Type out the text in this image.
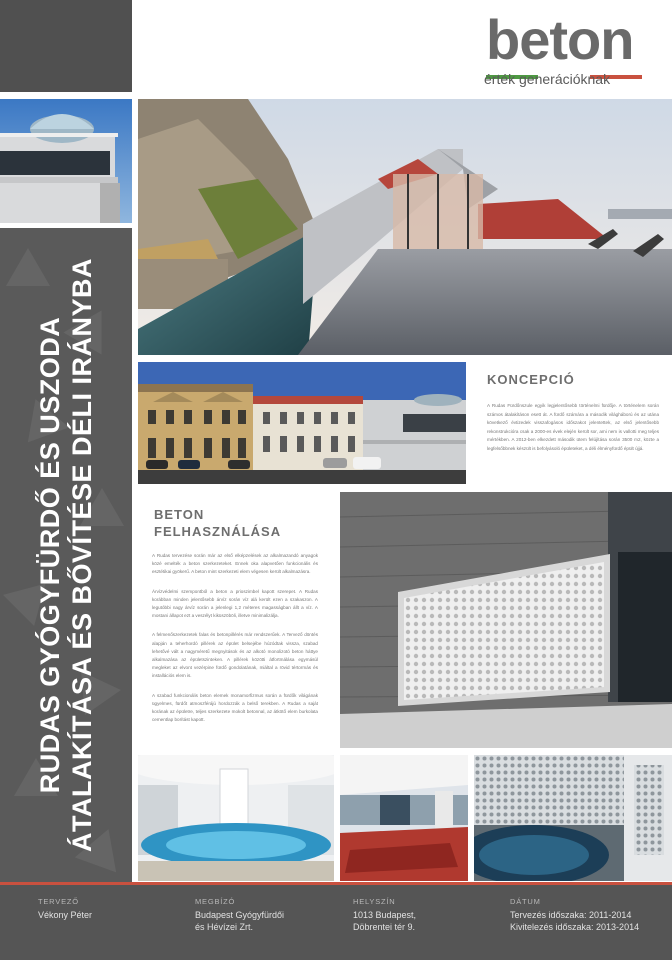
RUDAS GYÓGYFÜRDŐ ÉS USZODA ÁTALAKÍTÁSA ÉS BŐVÍTÉSE DÉLI IRÁNYBA
beton
érték generációknak
KONCEPCIÓ
A Rudas Fürdőnszule egyik legjelentősebb történelmi fürdője. A történelem során számos átalakításon esett át. A fürdő számára a második világháború és az utána következő évtizedek visszafogásos időszakot jelentettek, az első jelentősebb rekonstrukcióra csak a 2000-es évek elején került sor, ami nem is vallotti meg teljes mértékben. A 2012-ben elkezdett második ütem felújítása során 3500 m2, közte a legfelsőbbnek készült is befolyásoló épületeket, a déli élményfürdő épült újjá.
BETON
FELHASZNÁLÁSA

A Rudas tervezése során már az első elképzelések az alkalmazandó anyagok közé emelték a beton szerkezeteket. Ennek oka alapvetően funkcionális és esztétikai gyökerű. A beton mint szerkezeti elem végesen került alkalmazásra.

Árvízvédelmi szempontból a beton a prioszimbel kapott szerepet. A Rudas korábban minden jelentősebb árvíz során víz alá került ezen a szakaszon. A legutóbbi nagy árvíz során a jelenlegi 1,2 méteres magasságban állt a víz. A mostani állapot ezt a veszélyt kiküszöböli, illetve minimalizálja.

A felmenőszerkezetek falas és betonpillérés már rendszerűek. A Tervező döntés alapján a teherhordó pillérek az épület belsejébe húzódtak vissza, szabad lehetővé vált a nagyméretű megnyitások és az alkotó monolizotó beton háttye alkalmazása az épületszinteken. A pillérek közötti átfortmálása egymásúl megleket az elvont vezérpine fürdő gondolatának, miáltal a rövid tértormás és installációs elem is.

A szabad funkcionális beton elemek monamorfizmus során a fürdők világának ügyelmes, fürdőt atmoszférájú hordozzák a belső terekben. A Rudas a saját korának az épületre, teljes szerkezete mokolt betonnal, az átkötő elem burkolata cementlap borítást kapott.

TERVEZŐ
Vékony Péter
MEGBÍZÓ
Budapest Gyógyfürdői
és Hévízei Zrt.
HELYSZÍN
1013 Budapest,
Döbrentei tér 9.
DÁTUM
Tervezés időszaka: 2011-2014
Kivitelezés időszaka: 2013-2014
